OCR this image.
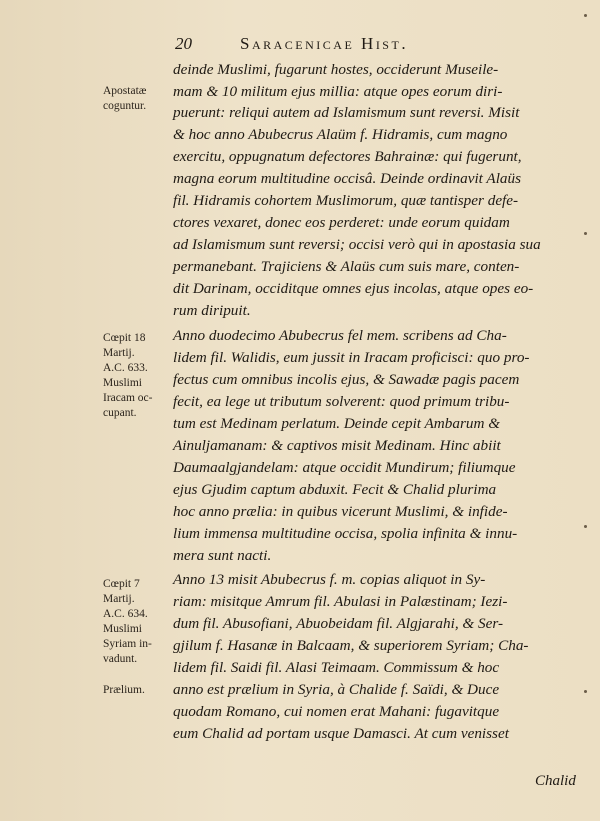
20	Saracenicae Hist.
Apostatæ
coguntur.
Cœpit 18
Martij.
A.C. 633.
Muslimi
Iracam oc-
cupant.
Cœpit 7
Martij.
A.C. 634.
Muslimi
Syriam in-
vadunt.
Prælium.
deinde Muslimi, fugarunt hostes, occiderunt Museile-
mam & 10 militum ejus millia: atque opes eorum diri-
puerunt: reliqui autem ad Islamismum sunt reversi. Misit
& hoc anno Abubecrus Alaüm f. Hidramis, cum magno
exercitu, oppugnatum defectores Bahrainæ: qui fugerunt,
magna eorum multitudine occisâ. Deinde ordinavit Alaüs
fil. Hidramis cohortem Muslimorum, quæ tantisper defe-
ctores vexaret, donec eos perderet: unde eorum quidam
ad Islamismum sunt reversi; occisi verò qui in apostasia sua
permanebant. Trajiciens & Alaüs cum suis mare, conten-
dit Darinam, occiditque omnes ejus incolas, atque opes eo-
rum diripuit.
Anno duodecimo Abubecrus fel mem. scribens ad Cha-
lidem fil. Walidis, eum jussit in Iracam proficisci: quo pro-
fectus cum omnibus incolis ejus, & Sawadæ pagis pacem
fecit, ea lege ut tributum solverent: quod primum tribu-
tum est Medinam perlatum. Deinde cepit Ambarum &
Ainuljamanam: & captivos misit Medinam. Hinc abiit
Daumaalgjandelam: atque occidit Mundirum; filiumque
ejus Gjudim captum abduxit. Fecit & Chalid plurima
hoc anno prælia: in quibus vicerunt Muslimi, & infide-
lium immensa multitudine occisa, spolia infinita & innu-
mera sunt nacti.
Anno 13 misit Abubecrus f. m. copias aliquot in Sy-
riam: misitque Amrum fil. Abulasi in Palæstinam; Iezi-
dum fil. Abusofiani, Abuobeidam fil. Algjarahi, & Ser-
gjilum f. Hasanæ in Balcaam, & superiorem Syriam; Cha-
lidem fil. Saidi fil. Alasi Teimaam. Commissum & hoc
anno est prælium in Syria, à Chalide f. Saïdi, & Duce
quodam Romano, cui nomen erat Mahani: fugavitque
eum Chalid ad portam usque Damasci. At cum venisset
Chalid
